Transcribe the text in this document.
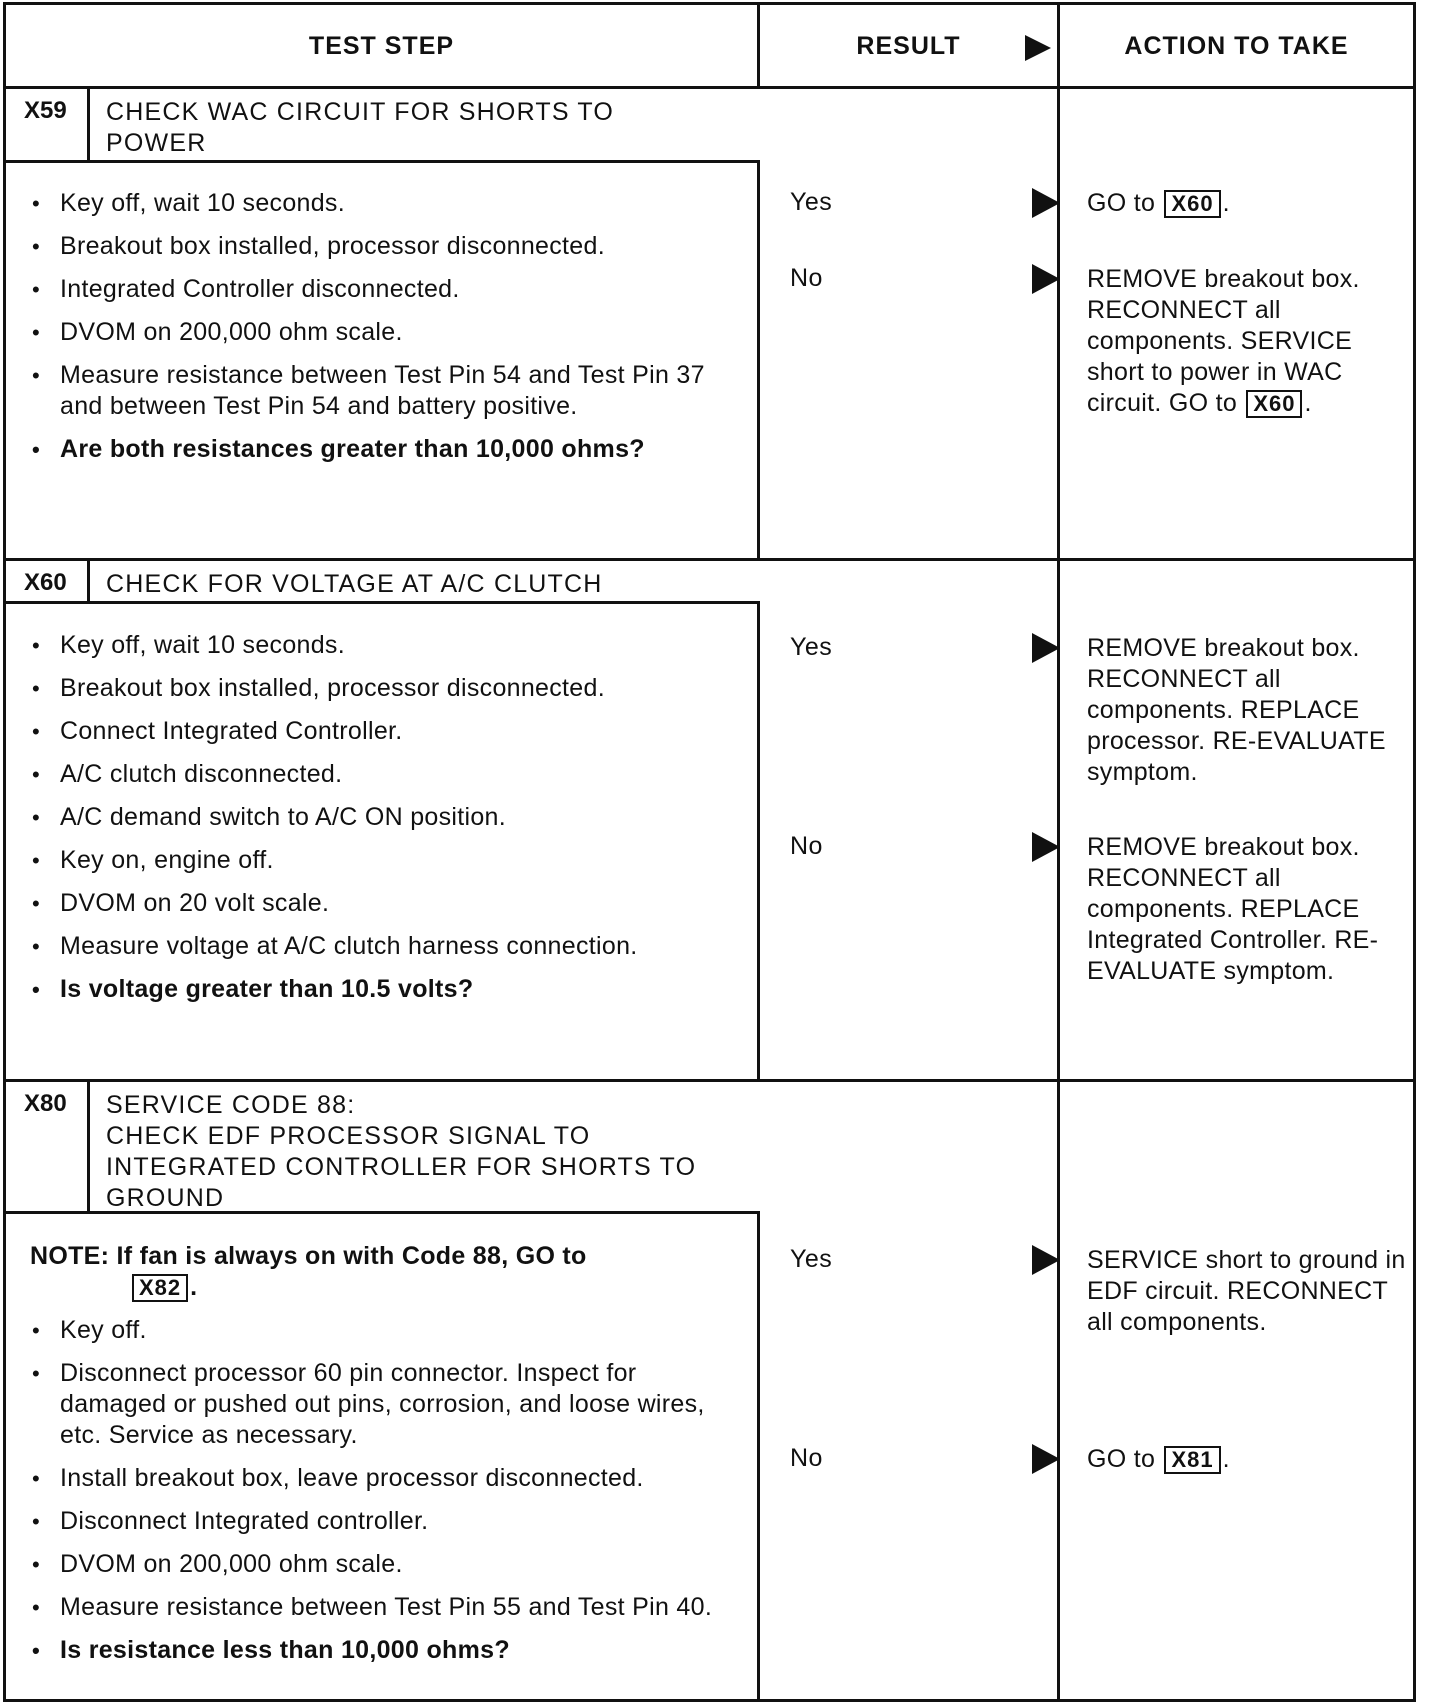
TEST STEP	RESULT	ACTION TO TAKE
X59	CHECK WAC CIRCUIT FOR SHORTS TO
POWER
• Key off, wait 10 seconds.
• Breakout box installed, processor disconnected.
• Integrated Controller disconnected.
• DVOM on 200,000 ohm scale.
• Measure resistance between Test Pin 54 and Test Pin 37 and between Test Pin 54 and battery positive.
• Are both resistances greater than 10,000 ohms?
Yes	GO to X60 .
No	REMOVE breakout box. RECONNECT all components. SERVICE short to power in WAC circuit. GO to X60 .
X60	CHECK FOR VOLTAGE AT A/C CLUTCH
• Key off, wait 10 seconds.
• Breakout box installed, processor disconnected.
• Connect Integrated Controller.
• A/C clutch disconnected.
• A/C demand switch to A/C ON position.
• Key on, engine off.
• DVOM on 20 volt scale.
• Measure voltage at A/C clutch harness connection.
• Is voltage greater than 10.5 volts?
Yes	REMOVE breakout box. RECONNECT all components. REPLACE processor. RE-EVALUATE symptom.
No	REMOVE breakout box. RECONNECT all components. REPLACE Integrated Controller. RE-EVALUATE symptom.
X80	SERVICE CODE 88:
CHECK EDF PROCESSOR SIGNAL TO
INTEGRATED CONTROLLER FOR SHORTS TO
GROUND
NOTE: If fan is always on with Code 88, GO to
X82 .
• Key off.
• Disconnect processor 60 pin connector. Inspect for damaged or pushed out pins, corrosion, and loose wires, etc. Service as necessary.
• Install breakout box, leave processor disconnected.
• Disconnect Integrated controller.
• DVOM on 200,000 ohm scale.
• Measure resistance between Test Pin 55 and Test Pin 40.
• Is resistance less than 10,000 ohms?
Yes	SERVICE short to ground in EDF circuit. RECONNECT all components.
No	GO to X81 .
